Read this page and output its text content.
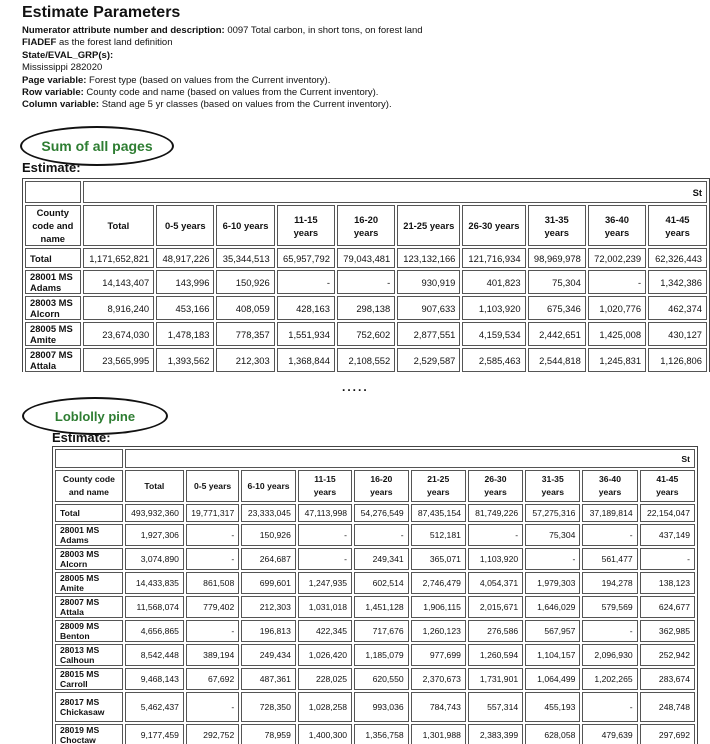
Estimate Parameters
Numerator attribute number and description: 0097 Total carbon, in short tons, on forest land
FIADEF as the forest land definition
State/EVAL_GRP(s):
Mississippi 282020
Page variable: Forest type (based on values from the Current inventory).
Row variable: County code and name (based on values from the Current inventory).
Column variable: Stand age 5 yr classes (based on values from the Current inventory).
Sum of all pages
Estimate:
	St									
County code and name	Total	0-5 years	6-10 years	11-15 years	16-20 years	21-25 years	26-30 years	31-35 years	36-40 years	41-45 years
Total	1,171,652,821	48,917,226	35,344,513	65,957,792	79,043,481	123,132,166	121,716,934	98,969,978	72,002,239	62,326,443
28001 MS Adams	14,143,407	143,996	150,926	-	-	930,919	401,823	75,304	-	1,342,386
28003 MS Alcorn	8,916,240	453,166	408,059	428,163	298,138	907,633	1,103,920	675,346	1,020,776	462,374
28005 MS Amite	23,674,030	1,478,183	778,357	1,551,934	752,602	2,877,551	4,159,534	2,442,651	1,425,008	430,127
28007 MS Attala	23,565,995	1,393,562	212,303	1,368,844	2,108,552	2,529,587	2,585,463	2,544,818	1,245,831	1,126,806

.....
Loblolly pine
Estimate:
	St									
County code and name	Total	0-5 years	6-10 years	11-15 years	16-20 years	21-25 years	26-30 years	31-35 years	36-40 years	41-45 years
Total	493,932,360	19,771,317	23,333,045	47,113,998	54,276,549	87,435,154	81,749,226	57,275,316	37,189,814	22,154,047
28001 MS Adams	1,927,306	-	150,926	-	-	512,181	-	75,304	-	437,149
28003 MS Alcorn	3,074,890	-	264,687	-	249,341	365,071	1,103,920	-	561,477	-
28005 MS Amite	14,433,835	861,508	699,601	1,247,935	602,514	2,746,479	4,054,371	1,979,303	194,278	138,123
28007 MS Attala	11,568,074	779,402	212,303	1,031,018	1,451,128	1,906,115	2,015,671	1,646,029	579,569	624,677
28009 MS Benton	4,656,865	-	196,813	422,345	717,676	1,260,123	276,586	567,957	-	362,985
28013 MS Calhoun	8,542,448	389,194	249,434	1,026,420	1,185,079	977,699	1,260,594	1,104,157	2,096,930	252,942
28015 MS Carroll	9,468,143	67,692	487,361	228,025	620,550	2,370,673	1,731,901	1,064,499	1,202,265	283,674
28017 MS Chickasaw	5,462,437	-	728,350	1,028,258	993,036	784,743	557,314	455,193	-	248,748
28019 MS Choctaw	9,177,459	292,752	78,959	1,400,300	1,356,758	1,301,988	2,383,399	628,058	479,639	297,692
